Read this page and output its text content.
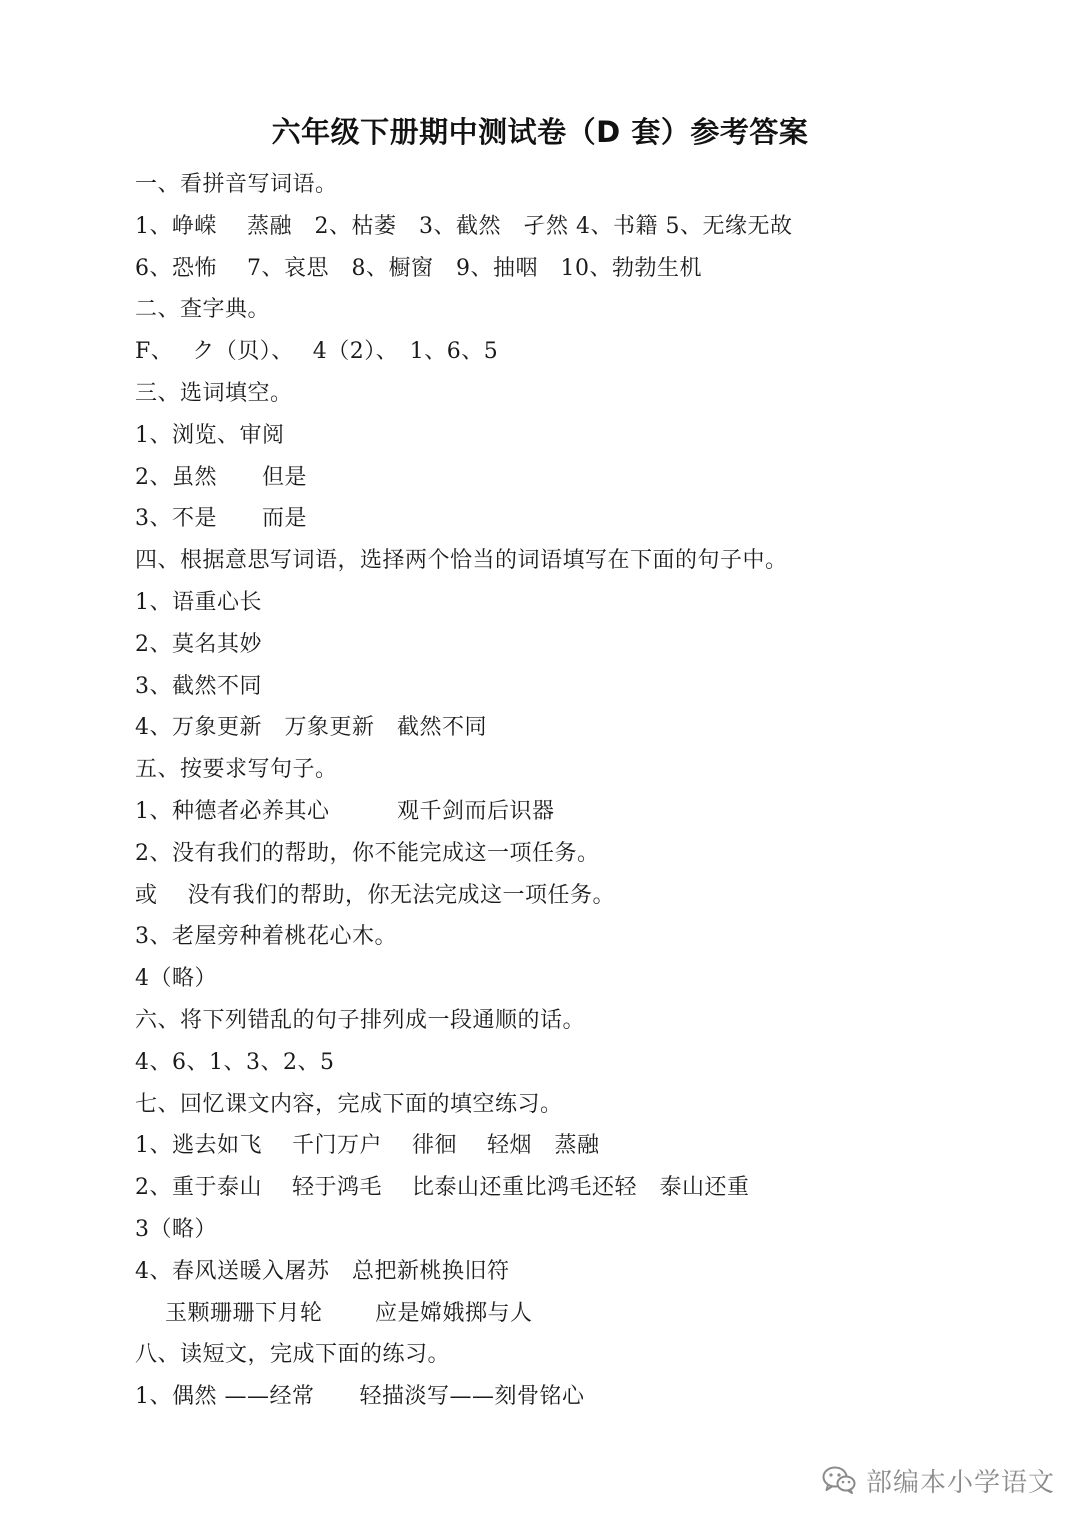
六年级下册期中测试卷（D 套）参考答案
一、看拼音写词语。
1、峥嵘　 蒸融　2、枯萎　3、截然　孑然 4、书籍 5、无缘无故
6、恐怖　 7、哀思　8、橱窗　9、抽咽　10、勃勃生机
二、查字典。
F、　 ク（贝）、　 4（2）、　1、6、5
三、选词填空。
1、浏览、审阅
2、虽然　　但是
3、不是　　而是
四、根据意思写词语，选择两个恰当的词语填写在下面的句子中。
1、语重心长
2、莫名其妙
3、截然不同
4、万象更新　万象更新　截然不同
五、按要求写句子。
1、种德者必养其心　　　观千剑而后识器
2、没有我们的帮助，你不能完成这一项任务。
或　 没有我们的帮助，你无法完成这一项任务。
3、老屋旁种着桃花心木。
4（略）
六、将下列错乱的句子排列成一段通顺的话。
4、6、1、3、2、5
七、回忆课文内容，完成下面的填空练习。
1、逃去如飞　 千门万户　 徘徊　 轻烟　蒸融
2、重于泰山　 轻于鸿毛　 比泰山还重比鸿毛还轻　泰山还重
3（略）
4、春风送暖入屠苏　总把新桃换旧符
　 玉颗珊珊下月轮　　 应是嫦娥掷与人
八、读短文，完成下面的练习。
1、偶然 ——经常　　轻描淡写——刻骨铭心
部编本小学语文
